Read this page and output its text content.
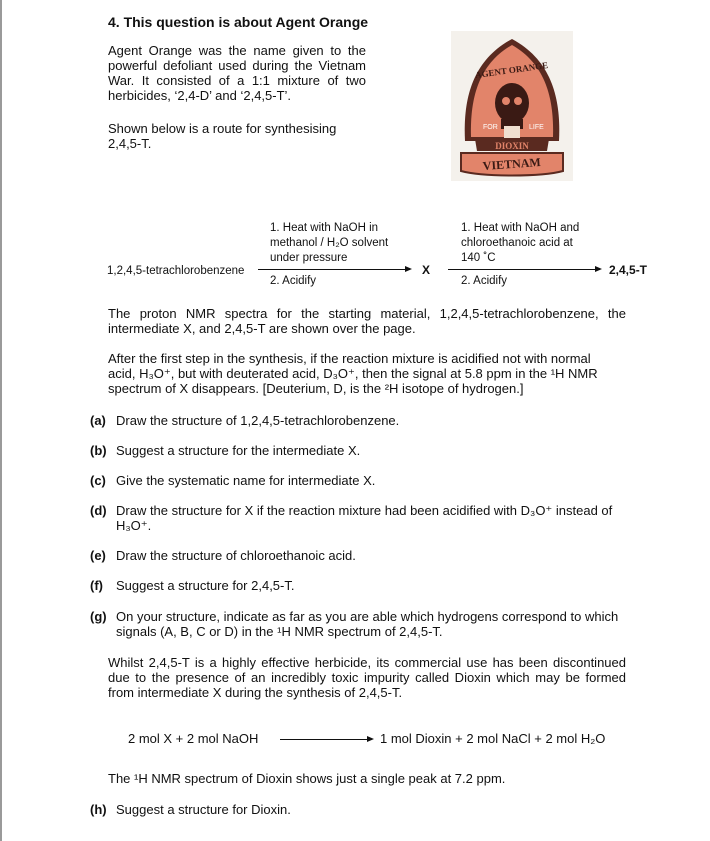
4. This question is about Agent Orange
Agent Orange was the name given to the powerful defoliant used during the Vietnam War. It consisted of a 1:1 mixture of two herbicides, ‘2,4-D’ and ‘2,4,5-T’.
Shown below is a route for synthesising 2,4,5-T.
AGENT ORANGE
FOR	LIFE
DIOXIN
VIETNAM
1. Heat with NaOH in
methanol / H₂O solvent
under pressure
1,2,4,5-tetrachlorobenzene
2. Acidify
X
1. Heat with NaOH and
chloroethanoic acid at
140 ˚C
2. Acidify
2,4,5-T
The proton NMR spectra for the starting material, 1,2,4,5-tetrachlorobenzene, the intermediate X, and 2,4,5-T are shown over the page.
After the first step in the synthesis, if the reaction mixture is acidified not with normal
acid, H₃O⁺, but with deuterated acid, D₃O⁺, then the signal at 5.8 ppm in the ¹H NMR
spectrum of X disappears. [Deuterium, D, is the ²H isotope of hydrogen.]
(a) Draw the structure of 1,2,4,5-tetrachlorobenzene.
(b) Suggest a structure for the intermediate X.
(c) Give the systematic name for intermediate X.
(d) Draw the structure for X if the reaction mixture had been acidified with D₃O⁺ instead of H₃O⁺.
(e) Draw the structure of chloroethanoic acid.
(f) Suggest a structure for 2,4,5-T.
(g) On your structure, indicate as far as you are able which hydrogens correspond to which signals (A, B, C or D) in the ¹H NMR spectrum of 2,4,5-T.
Whilst 2,4,5-T is a highly effective herbicide, its commercial use has been discontinued due to the presence of an incredibly toxic impurity called Dioxin which may be formed from intermediate X during the synthesis of 2,4,5-T.
2 mol X + 2 mol NaOH	1 mol Dioxin + 2 mol NaCl + 2 mol H₂O
The ¹H NMR spectrum of Dioxin shows just a single peak at 7.2 ppm.
(h) Suggest a structure for Dioxin.
